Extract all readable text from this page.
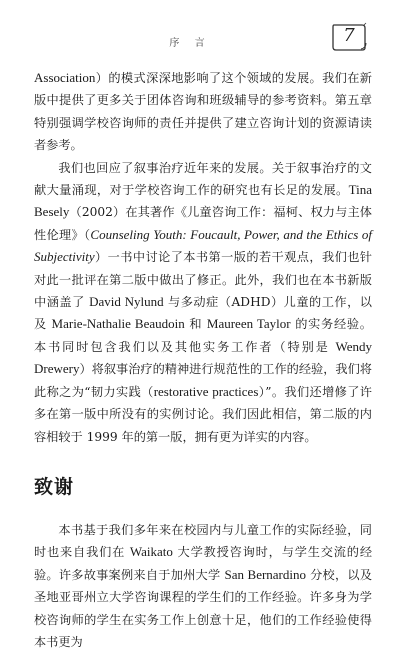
序 言	7

Association）的模式深深地影响了这个领域的发展。我们在新版中提供了更多关于团体咨询和班级辅导的参考资料。第五章特别强调学校咨询师的责任并提供了建立咨询计划的资源请读者参考。

我们也回应了叙事治疗近年来的发展。关于叙事治疗的文献大量涌现，对于学校咨询工作的研究也有长足的发展。Tina Besely（2002）在其著作《儿童咨询工作：福柯、权力与主体性伦理》（Counseling Youth: Foucault, Power, and the Ethics of Subjectivity）一书中讨论了本书第一版的若干观点，我们也针对此一批评在第二版中做出了修正。此外，我们也在本书新版中涵盖了 David Nylund 与多动症（ADHD）儿童的工作，以及 Marie-Nathalie Beaudoin 和 Maureen Taylor 的实务经验。本书同时包含我们以及其他实务工作者（特别是 Wendy Drewery）将叙事治疗的精神进行规范性的工作的经验，我们将此称之为“韧力实践（restorative practices）”。我们还增修了许多在第一版中所没有的实例讨论。我们因此相信，第二版的内容相较于 1999 年的第一版，拥有更为详实的内容。

致谢

本书基于我们多年来在校园内与儿童工作的实际经验，同时也来自我们在 Waikato 大学教授咨询时，与学生交流的经验。许多故事案例来自于加州大学 San Bernardino 分校，以及圣地亚哥州立大学咨询课程的学生们的工作经验。许多身为学校咨询师的学生在实务工作上创意十足，他们的工作经验使得本书更为
